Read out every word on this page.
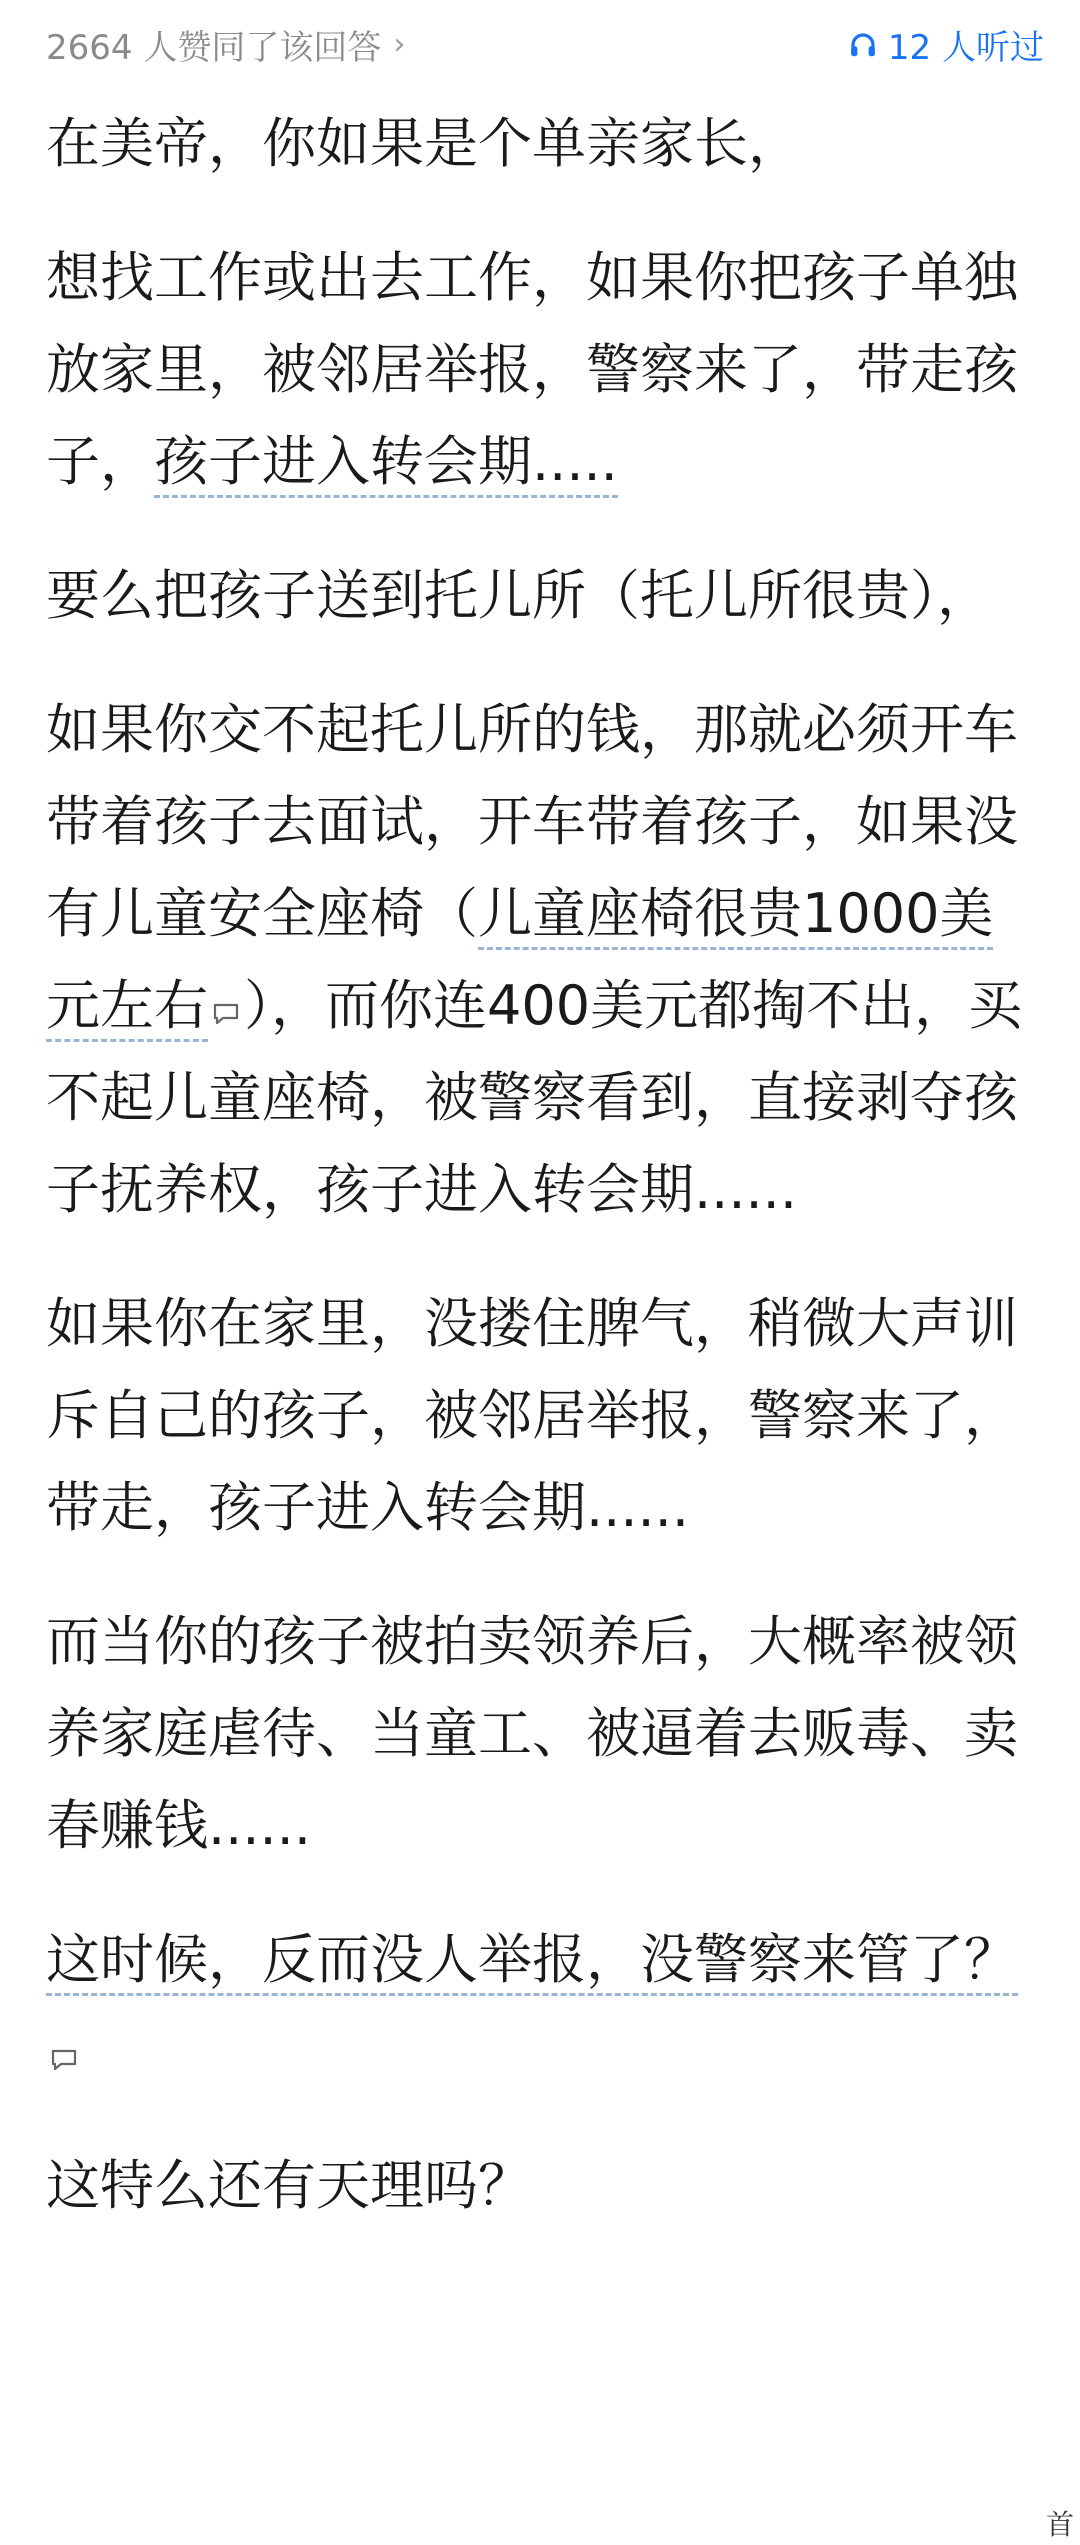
2664 人赞同了该回答 ›	12 人听过

在美帝，你如果是个单亲家长，

想找工作或出去工作，如果你把孩子单独放家里，被邻居举报，警察来了，带走孩子，孩子进入转会期.....

要么把孩子送到托儿所（托儿所很贵），

如果你交不起托儿所的钱，那就必须开车带着孩子去面试，开车带着孩子，如果没有儿童安全座椅（儿童座椅很贵1000美元左右 ），而你连400美元都掏不出，买不起儿童座椅，被警察看到，直接剥夺孩子抚养权，孩子进入转会期......

如果你在家里，没搂住脾气，稍微大声训斥自己的孩子，被邻居举报，警察来了，带走，孩子进入转会期......

而当你的孩子被拍卖领养后，大概率被领养家庭虐待、当童工、被逼着去贩毒、卖春赚钱......

这时候，反而没人举报，没警察来管了？

这特么还有天理吗？

首
